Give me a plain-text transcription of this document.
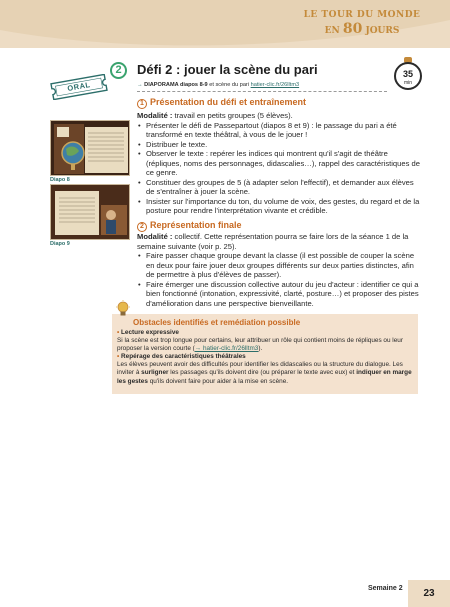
LE TOUR DU MONDE
EN 80 JOURS
ORAL
2	Défi 2 : jouer la scène du pari
→ DIAPORAMA diapos 8-9 et scène du pari hatier-clic.fr/26lltm3
35
min
Diapo 8
Diapo 9
1 Présentation du défi et entraînement

Modalité : travail en petits groupes (5 élèves).

• Présenter le défi de Passepartout (diapos 8 et 9) : le passage du pari a été transformé en texte théâtral, à vous de le jouer !
• Distribuer le texte.
• Observer le texte : repérer les indices qui montrent qu'il s'agit de théâtre (répliques, noms des personnages, didascalies…), rappel des caractéristiques de ce genre.
• Constituer des groupes de 5 (à adapter selon l'effectif), et demander aux élèves de s'entraîner à jouer la scène.
• Insister sur l'importance du ton, du volume de voix, des gestes, du regard et de la posture pour rendre l'interprétation vivante et crédible.
2 Représentation finale

Modalité : collectif. Cette représentation pourra se faire lors de la séance 1 de la semaine suivante (voir p. 25).

• Faire passer chaque groupe devant la classe (il est possible de couper la scène en deux pour faire jouer deux groupes différents sur deux parties distinctes, afin de permettre à plus d'élèves de passer).
• Faire émerger une discussion collective autour du jeu d'acteur : identifier ce qui a bien fonctionné (intonation, expressivité, clarté, posture…) et proposer des pistes d'amélioration dans une perspective bienveillante.
Obstacles identifiés et remédiation possible

• Lecture expressive

Si la scène est trop longue pour certains, leur attribuer un rôle qui contient moins de répliques ou leur proposer la version courte (→ hatier-clic.fr/26lltm3).

• Repérage des caractéristiques théâtrales

Les élèves peuvent avoir des difficultés pour identifier les didascalies ou la structure du dialogue. Les inviter à surligner les passages qu'ils doivent dire (ou préparer le texte avec eux) et indiquer en marge les gestes qu'ils doivent faire pour aider à la mise en scène.

Semaine 2	23
